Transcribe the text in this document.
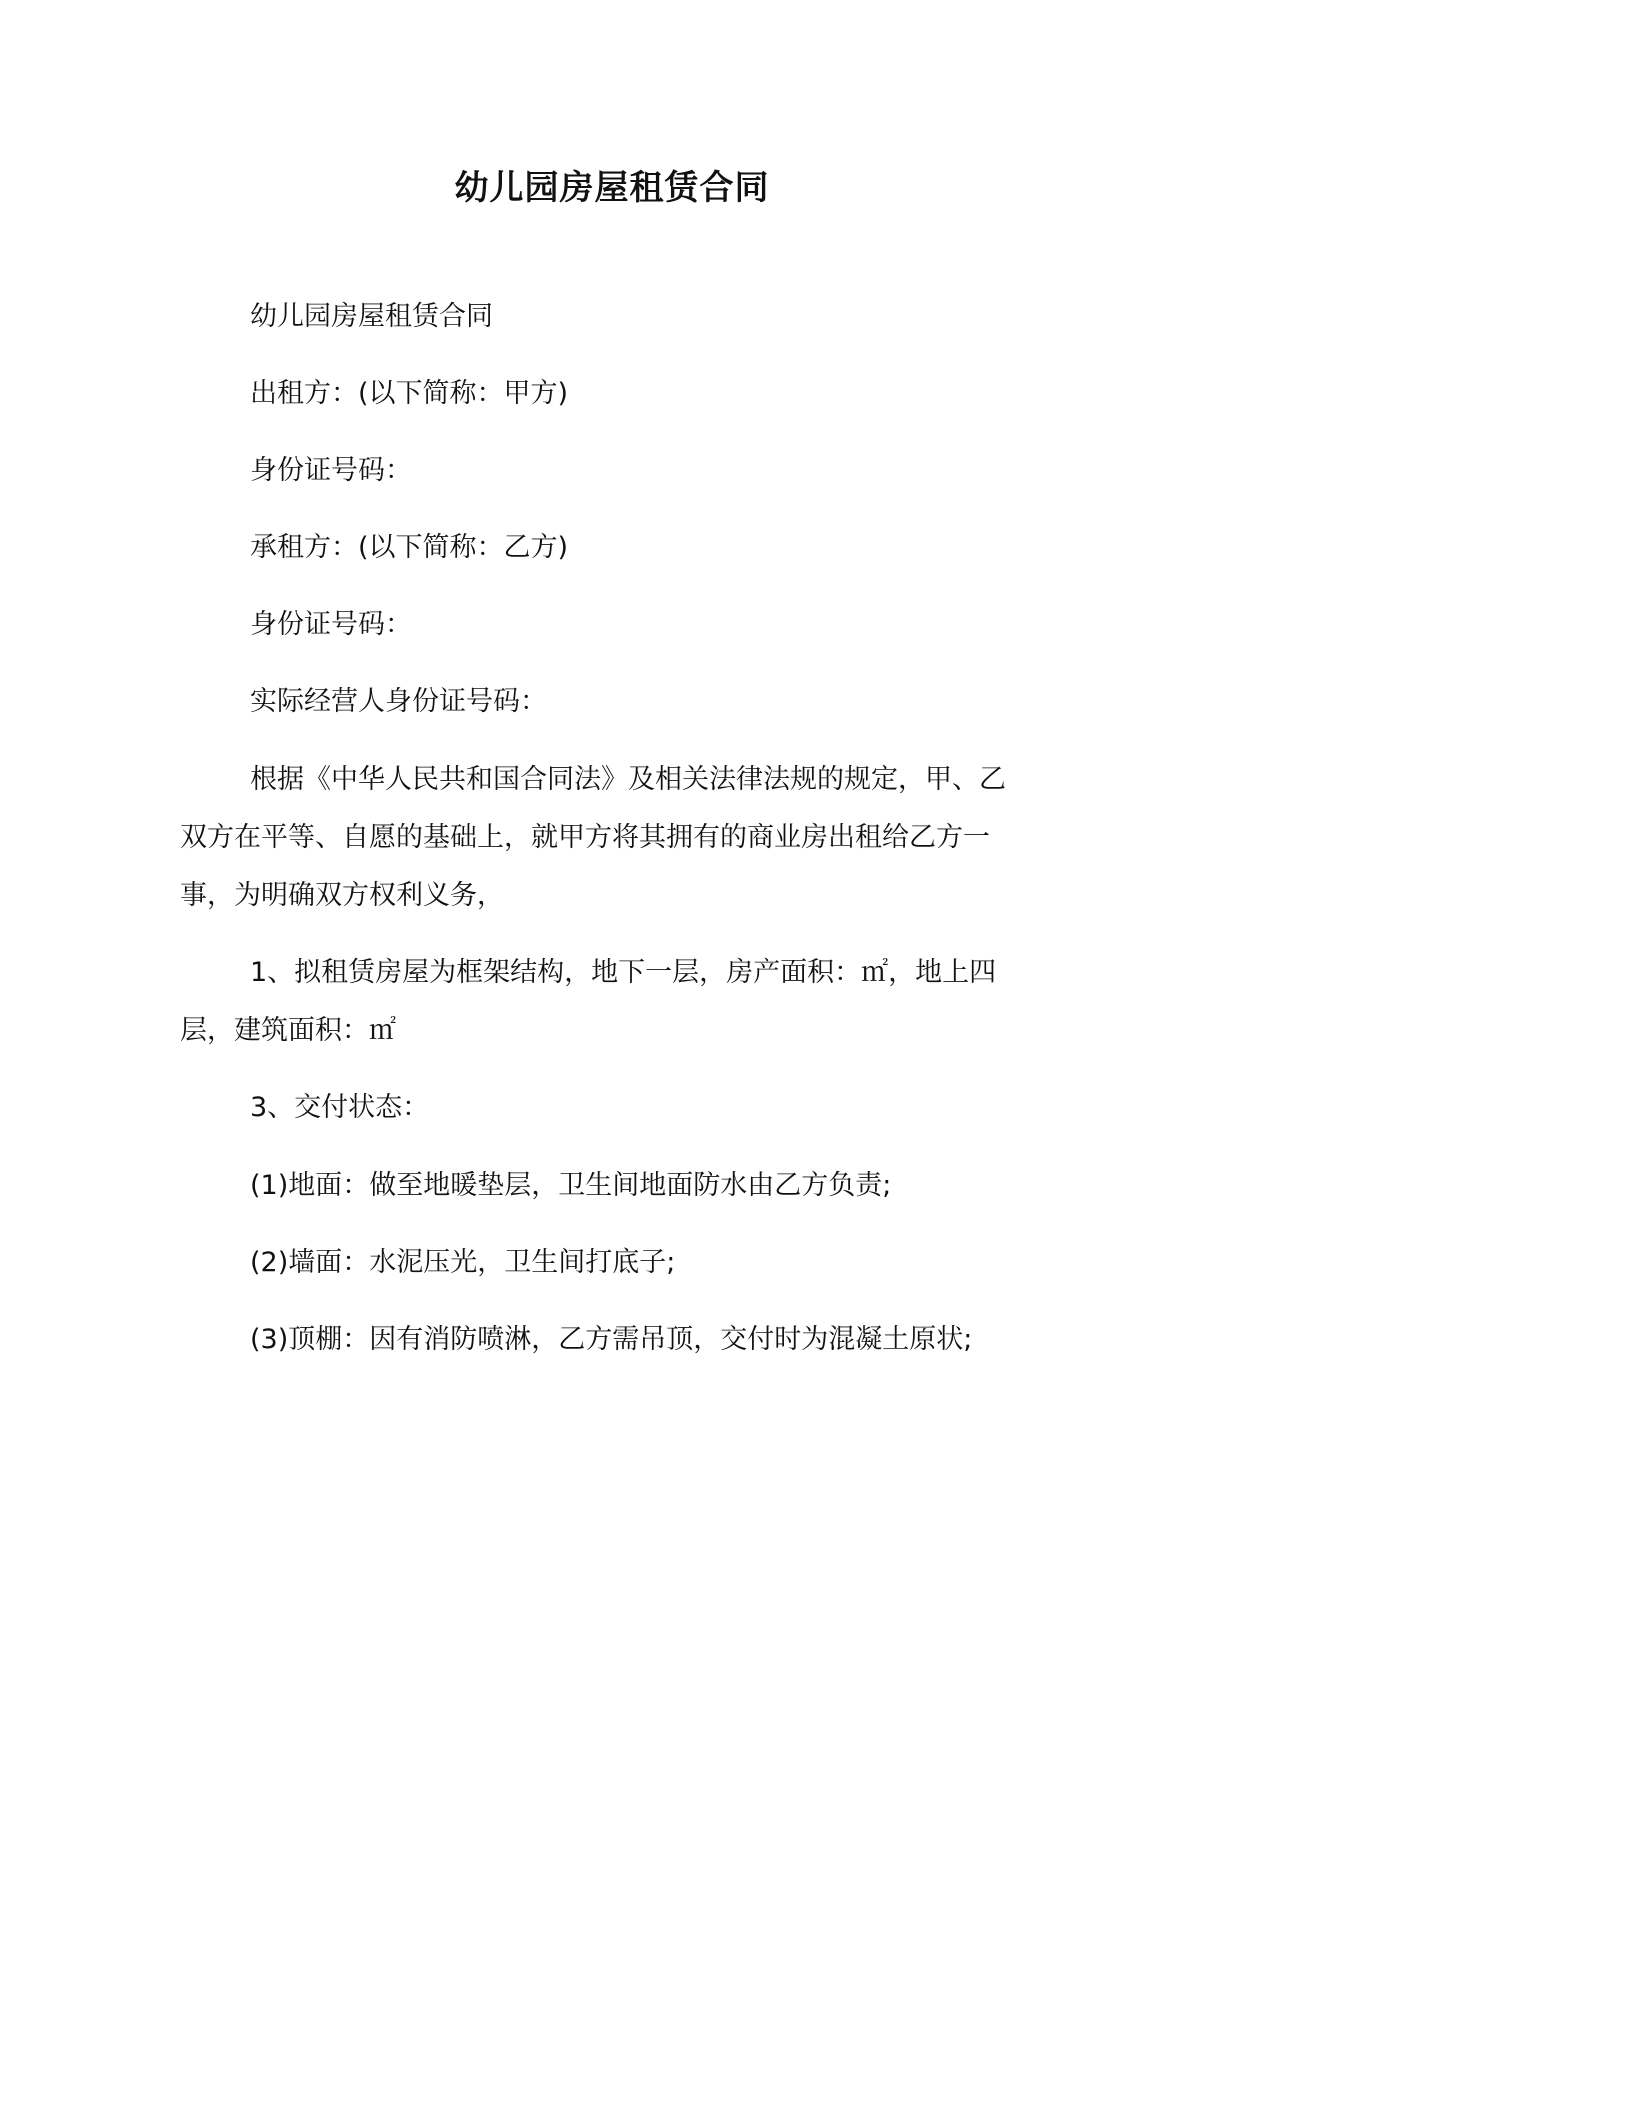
幼儿园房屋租赁合同

幼儿园房屋租赁合同

出租方：(以下简称：甲方)

身份证号码：

承租方：(以下简称：乙方)

身份证号码：

实际经营人身份证号码：

根据《中华人民共和国合同法》及相关法律法规的规定，甲、乙双方在平等、自愿的基础上，就甲方将其拥有的商业房出租给乙方一事，为明确双方权利义务，

1、拟租赁房屋为框架结构，地下一层，房产面积：㎡，地上四层，建筑面积：㎡

3、交付状态：

(1)地面：做至地暖垫层，卫生间地面防水由乙方负责;

(2)墙面：水泥压光，卫生间打底子;

(3)顶棚：因有消防喷淋，乙方需吊顶，交付时为混凝土原状;
